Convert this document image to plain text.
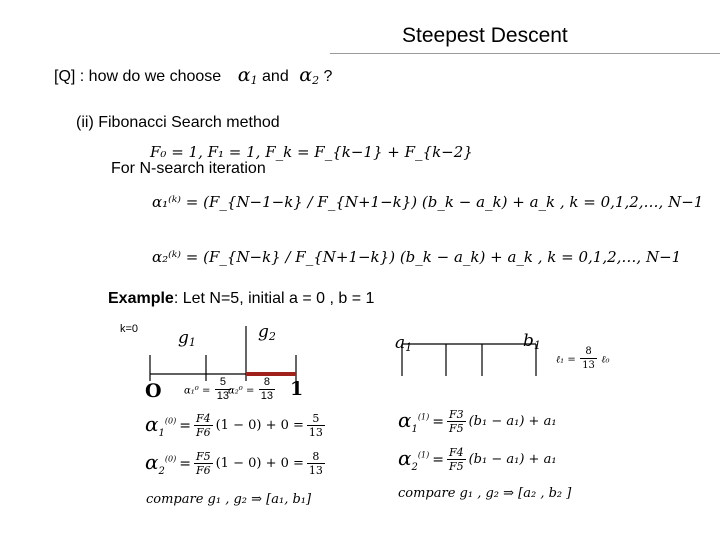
Steepest Descent
[Q] : how do we choose   $\alpha_1$ and  $\alpha_2$ ?
(ii) Fibonacci Search method
F₀ = 1, F₁ = 1, F_k = F_{k−1} + F_{k−2}
For N-search iteration
α₁⁽ᵏ⁾ = (F_{N−1−k} / F_{N+1−k}) (b_k − a_k) + a_k , k = 0,1,2,…, N−1
α₂⁽ᵏ⁾ = (F_{N−k} / F_{N+1−k}) (b_k − a_k) + a_k , k = 0,1,2,…, N−1
Example: Let N=5, initial a = 0 , b = 1
k=0 $g_1$
$g_2$
O	1
$\alpha_1^0 = \frac{5}{13}$
$\alpha_2^0 = \frac{8}{13}$
$\alpha_1^{(0)} = \frac{F4}{F6} (1 - 0) + 0 = \frac{5}{13}$
$\alpha_2^{(0)} = \frac{F5}{F6} (1 - 0) + 0 = \frac{8}{13}$
compare g₁ , g₂ ⇒ [a₁, b₁]
$a_1$	$b_1$
ℓ₁ = $\frac{8}{13}$ ℓ₀
$\alpha_1^{(1)} = \frac{F3}{F5} (b_1 - a_1) + a_1$
$\alpha_2^{(1)} = \frac{F4}{F5} (b_1 - a_1) + a_1$
compare g₁ , g₂ ⇒ [a₂ , b₂ ]
